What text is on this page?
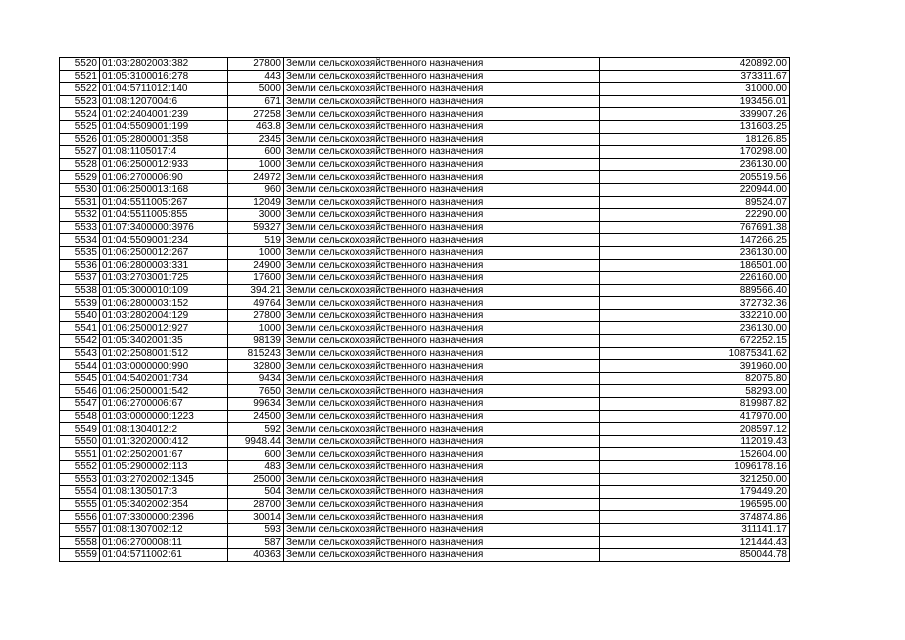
5520	01:03:2802003:382	27800	Земли сельскохозяйственного назначения	420892.00
5521	01:05:3100016:278	443	Земли сельскохозяйственного назначения	373311.67
5522	01:04:5711012:140	5000	Земли сельскохозяйственного назначения	31000.00
5523	01:08:1207004:6	671	Земли сельскохозяйственного назначения	193456.01
5524	01:02:2404001:239	27258	Земли сельскохозяйственного назначения	339907.26
5525	01:04:5509001:199	463.8	Земли сельскохозяйственного назначения	131603.25
5526	01:05:2800001:358	2345	Земли сельскохозяйственного назначения	18126.85
5527	01:08:1105017:4	600	Земли сельскохозяйственного назначения	170298.00
5528	01:06:2500012:933	1000	Земли сельскохозяйственного назначения	236130.00
5529	01:06:2700006:90	24972	Земли сельскохозяйственного назначения	205519.56
5530	01:06:2500013:168	960	Земли сельскохозяйственного назначения	220944.00
5531	01:04:5511005:267	12049	Земли сельскохозяйственного назначения	89524.07
5532	01:04:5511005:855	3000	Земли сельскохозяйственного назначения	22290.00
5533	01:07:3400000:3976	59327	Земли сельскохозяйственного назначения	767691.38
5534	01:04:5509001:234	519	Земли сельскохозяйственного назначения	147266.25
5535	01:06:2500012:267	1000	Земли сельскохозяйственного назначения	236130.00
5536	01:06:2800003:331	24900	Земли сельскохозяйственного назначения	186501.00
5537	01:03:2703001:725	17600	Земли сельскохозяйственного назначения	226160.00
5538	01:05:3000010:109	394.21	Земли сельскохозяйственного назначения	889566.40
5539	01:06:2800003:152	49764	Земли сельскохозяйственного назначения	372732.36
5540	01:03:2802004:129	27800	Земли сельскохозяйственного назначения	332210.00
5541	01:06:2500012:927	1000	Земли сельскохозяйственного назначения	236130.00
5542	01:05:3402001:35	98139	Земли сельскохозяйственного назначения	672252.15
5543	01:02:2508001:512	815243	Земли сельскохозяйственного назначения	10875341.62
5544	01:03:0000000:990	32800	Земли сельскохозяйственного назначения	391960.00
5545	01:04:5402001:734	9434	Земли сельскохозяйственного назначения	82075.80
5546	01:06:2500001:542	7650	Земли сельскохозяйственного назначения	58293.00
5547	01:06:2700006:67	99634	Земли сельскохозяйственного назначения	819987.82
5548	01:03:0000000:1223	24500	Земли сельскохозяйственного назначения	417970.00
5549	01:08:1304012:2	592	Земли сельскохозяйственного назначения	208597.12
5550	01:01:3202000:412	9948.44	Земли сельскохозяйственного назначения	112019.43
5551	01:02:2502001:67	600	Земли сельскохозяйственного назначения	152604.00
5552	01:05:2900002:113	483	Земли сельскохозяйственного назначения	1096178.16
5553	01:03:2702002:1345	25000	Земли сельскохозяйственного назначения	321250.00
5554	01:08:1305017:3	504	Земли сельскохозяйственного назначения	179449.20
5555	01:05:3402002:354	28700	Земли сельскохозяйственного назначения	196595.00
5556	01:07:3300000:2396	30014	Земли сельскохозяйственного назначения	374874.86
5557	01:08:1307002:12	593	Земли сельскохозяйственного назначения	311141.17
5558	01:06:2700008:11	587	Земли сельскохозяйственного назначения	121444.43
5559	01:04:5711002:61	40363	Земли сельскохозяйственного назначения	850044.78
